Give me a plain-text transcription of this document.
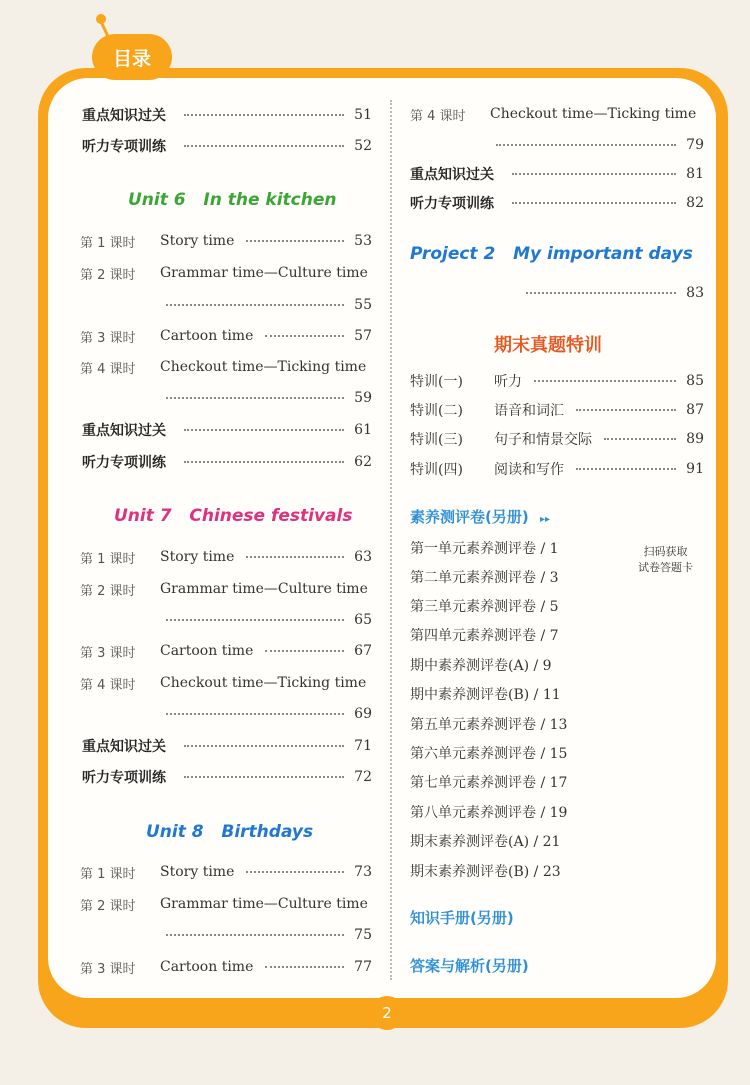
目录
重点知识过关	51
听力专项训练	52
Unit 6 In the kitchen
第 1 课时	Story time	53
第 2 课时	Grammar time—Culture time
55
第 3 课时	Cartoon time	57
第 4 课时	Checkout time—Ticking time
59
重点知识过关	61
听力专项训练	62
Unit 7 Chinese festivals
第 1 课时	Story time	63
第 2 课时	Grammar time—Culture time
65
第 3 课时	Cartoon time	67
第 4 课时	Checkout time—Ticking time
69
重点知识过关	71
听力专项训练	72
Unit 8 Birthdays
第 1 课时	Story time	73
第 2 课时	Grammar time—Culture time
75
第 3 课时	Cartoon time	77
第 4 课时	Checkout time—Ticking time
79
重点知识过关	81
听力专项训练	82
Project 2 My important days
83
期末真题特训
特训(一)	听力	85
特训(二)	语音和词汇	87
特训(三)	句子和情景交际	89
特训(四)	阅读和写作	91
素养测评卷(另册) ▸▸
第一单元素养测评卷 / 1
第二单元素养测评卷 / 3
第三单元素养测评卷 / 5
第四单元素养测评卷 / 7
期中素养测评卷(A) / 9
期中素养测评卷(B) / 11
第五单元素养测评卷 / 13
第六单元素养测评卷 / 15
第七单元素养测评卷 / 17
第八单元素养测评卷 / 19
期末素养测评卷(A) / 21
期末素养测评卷(B) / 23
扫码获取
试卷答题卡
知识手册(另册)
答案与解析(另册)
2
